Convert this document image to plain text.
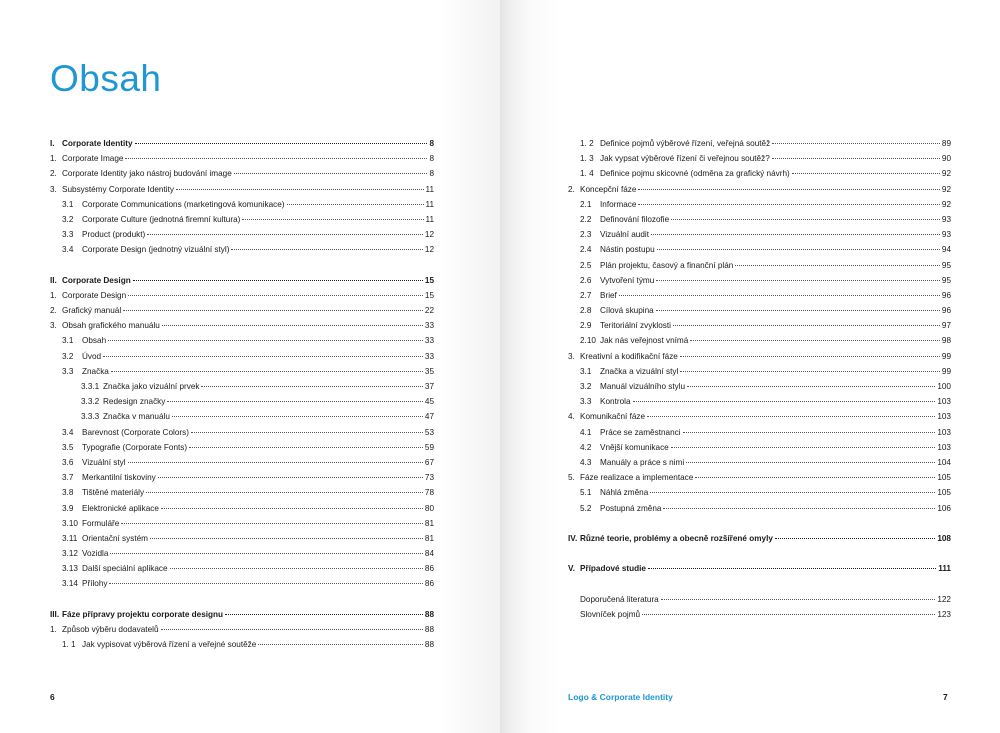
Obsah
I. Corporate Identity	8
1. Corporate Image	8
2. Corporate Identity jako nástroj budování image	8
3. Subsystémy Corporate Identity	11
3.1	Corporate Communications (marketingová komunikace)	11
3.2	Corporate Culture (jednotná firemní kultura)	11
3.3	Product (produkt)	12
3.4	Corporate Design (jednotný vizuální styl)	12
II. Corporate Design	15
1. Corporate Design	15
2. Grafický manuál	22
3. Obsah grafického manuálu	33
3.1	Obsah	33
3.2	Úvod	33
3.3	Značka	35
3.3.1 Značka jako vizuální prvek	37
3.3.2 Redesign značky	45
3.3.3 Značka v manuálu	47
3.4	Barevnost (Corporate Colors)	53
3.5	Typografie (Corporate Fonts)	59
3.6	Vizuální styl	67
3.7	Merkantilní tiskoviny	73
3.8	Tištěné materiály	78
3.9	Elektronické aplikace	80
3.10 Formuláře	81
3.11 Orientační systém	81
3.12 Vozidla	84
3.13 Další speciální aplikace	86
3.14 Přílohy	86
III. Fáze přípravy projektu corporate designu	88
1. Způsob výběru dodavatelů	88
1. 1 Jak vypisovat výběrová řízení a veřejné soutěže	88
6
1. 2 Definice pojmů výběrové řízení, veřejná soutěž	89
1. 3 Jak vypsat výběrové řízení či veřejnou soutěž?	90
1. 4 Definice pojmu skicovné (odměna za grafický návrh)	92
2. Koncepční fáze	92
2.1	Informace	92
2.2	Definování filozofie	93
2.3	Vizuální audit	93
2.4	Nástin postupu	94
2.5	Plán projektu, časový a finanční plán	95
2.6	Vytvoření týmu	95
2.7	Brief	96
2.8	Cílová skupina	96
2.9	Teritoriální zvyklosti	97
2.10 Jak nás veřejnost vnímá	98
3. Kreativní a kodifikační fáze	99
3.1	Značka a vizuální styl	99
3.2	Manuál vizuálního stylu	100
3.3	Kontrola	103
4. Komunikační fáze	103
4.1	Práce se zaměstnanci	103
4.2	Vnější komunikace	103
4.3	Manuály a práce s nimi	104
5. Fáze realizace a implementace	105
5.1	Náhlá změna	105
5.2	Postupná změna	106
IV. Různé teorie, problémy a obecně rozšířené omyly	108
V. Případové studie	111
Doporučená literatura	122
Slovníček pojmů	123
Logo & Corporate Identity	7
